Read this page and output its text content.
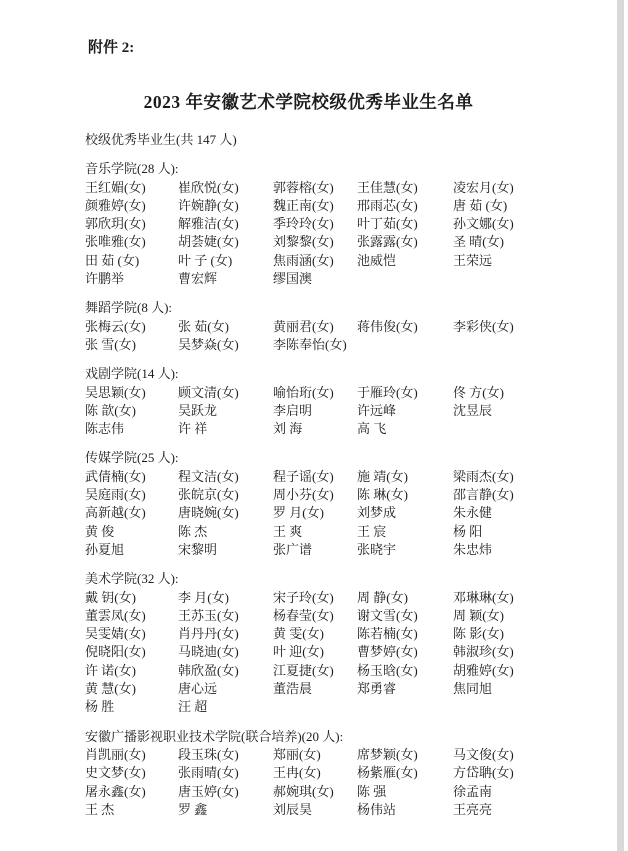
附件 2:
2023 年安徽艺术学院校级优秀毕业生名单
校级优秀毕业生(共 147 人)
音乐学院(28 人):
王红媚(女)	崔欣悦(女)	郭蓉榕(女)	王佳慧(女)	凌宏月(女)
颜雅婷(女)	许婉静(女)	魏正南(女)	邢雨芯(女)	唐 茹 (女)
郭欣玥(女)	解雅洁(女)	季玲玲(女)	叶丁茹(女)	孙文娜(女)
张唯雅(女)	胡荟婕(女)	刘黎黎(女)	张露露(女)	圣 晴(女)
田 茹 (女)	叶 子 (女)	焦雨涵(女)	池威恺	王荣远
许鹏举	曹宏辉	缪国澳
舞蹈学院(8 人):
张梅云(女)	张 茹(女)	黄丽君(女)	蒋伟俊(女)	李彩侠(女)
张 雪(女)	吴梦焱(女)	李陈奉怡(女)
戏剧学院(14 人):
吴思颖(女)	顾文清(女)	喻怡珩(女)	于雁玲(女)	佟 方(女)
陈 歆(女)	吴跃龙	李启明	许远峰	沈昱辰
陈志伟	许 祥	刘 海	高 飞
传媒学院(25 人):
武倩楠(女)	程文洁(女)	程子谣(女)	施 靖(女)	梁雨杰(女)
吴庭雨(女)	张皖京(女)	周小芬(女)	陈 琳(女)	邵言静(女)
高新越(女)	唐晓婉(女)	罗 月(女)	刘梦成	朱永健
黄 俊	陈 杰	王 爽	王 宸	杨 阳
孙夏旭	宋黎明	张广谱	张晓宇	朱忠炜
美术学院(32 人):
戴 钥(女)	李 月(女)	宋子玲(女)	周 静(女)	邓琳琳(女)
董雲凤(女)	王苏玉(女)	杨春莹(女)	谢文雪(女)	周 颖(女)
吴雯婧(女)	肖丹丹(女)	黄 雯(女)	陈若楠(女)	陈 影(女)
倪晓阳(女)	马晓迪(女)	叶 迎(女)	曹梦婷(女)	韩淑珍(女)
许 诺(女)	韩欣盈(女)	江夏捷(女)	杨玉晗(女)	胡雅婷(女)
黄 慧(女)	唐心远	董浩晨	郑勇睿	焦同旭
杨 胜	汪 超
安徽广播影视职业技术学院(联合培养)(20 人):
肖凯丽(女)	段玉珠(女)	郑丽(女)	席梦颖(女)	马文俊(女)
史文梦(女)	张雨晴(女)	王冉(女)	杨紫雁(女)	方岱聃(女)
屠永鑫(女)	唐玉婷(女)	郝婉琪(女)	陈 强	徐孟南
王 杰	罗 鑫	刘辰昊	杨伟站	王亮亮
